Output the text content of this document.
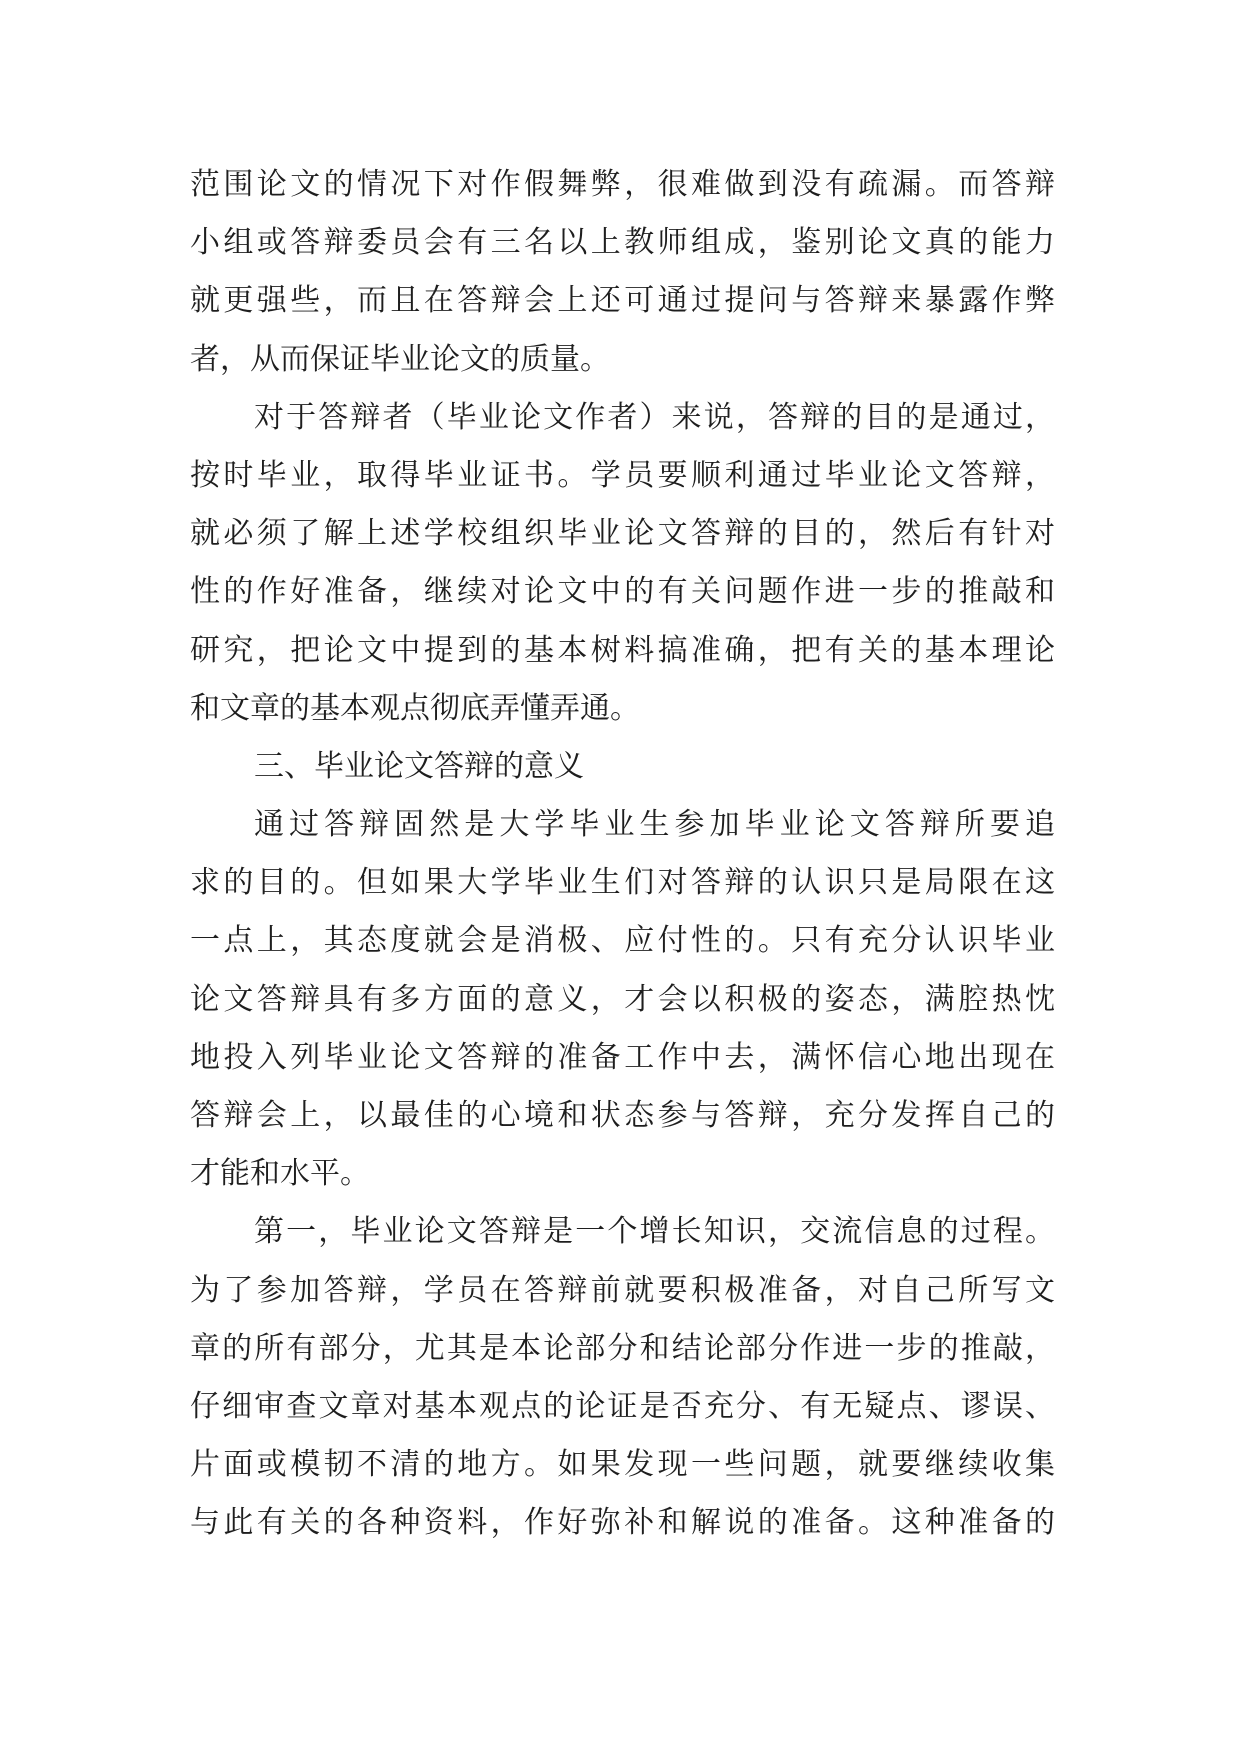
范围论文的情况下对作假舞弊，很难做到没有疏漏。而答辩
小组或答辩委员会有三名以上教师组成，鉴别论文真的能力
就更强些，而且在答辩会上还可通过提问与答辩来暴露作弊
者，从而保证毕业论文的质量。
对于答辩者（毕业论文作者）来说，答辩的目的是通过，
按时毕业，取得毕业证书。学员要顺利通过毕业论文答辩，
就必须了解上述学校组织毕业论文答辩的目的，然后有针对
性的作好准备，继续对论文中的有关问题作进一步的推敲和
研究，把论文中提到的基本树料搞准确，把有关的基本理论
和文章的基本观点彻底弄懂弄通。
三、毕业论文答辩的意义
通过答辩固然是大学毕业生参加毕业论文答辩所要追
求的目的。但如果大学毕业生们对答辩的认识只是局限在这
一点上，其态度就会是消极、应付性的。只有充分认识毕业
论文答辩具有多方面的意义，才会以积极的姿态，满腔热忱
地投入列毕业论文答辩的准备工作中去，满怀信心地出现在
答辩会上，以最佳的心境和状态参与答辩，充分发挥自己的
才能和水平。
第一，毕业论文答辩是一个增长知识，交流信息的过程。
为了参加答辩，学员在答辩前就要积极准备，对自己所写文
章的所有部分，尤其是本论部分和结论部分作进一步的推敲，
仔细审查文章对基本观点的论证是否充分、有无疑点、谬误、
片面或模韧不清的地方。如果发现一些问题，就要继续收集
与此有关的各种资料，作好弥补和解说的准备。这种准备的
